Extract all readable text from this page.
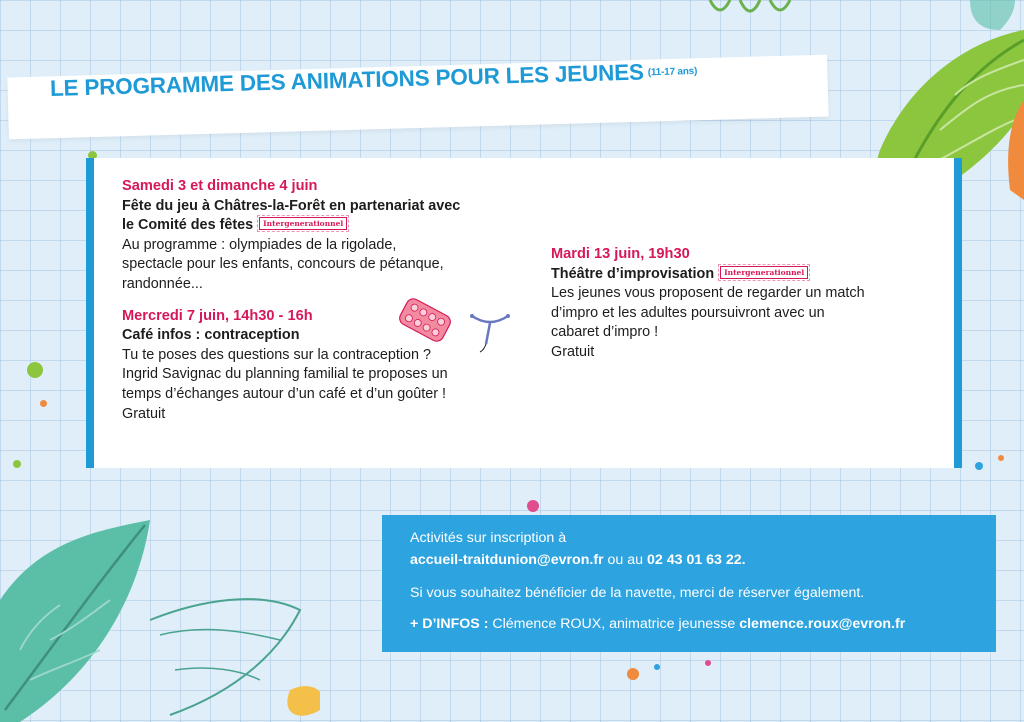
LE PROGRAMME DES ANIMATIONS POUR LES JEUNES (11-17 ans)

Samedi 3 et dimanche 4 juin

Fête du jeu à Châtres-la-Forêt en partenariat avec

le Comité des fêtes Intergenerationnel

Au programme : olympiades de la rigolade,

spectacle pour les enfants, concours de pétanque,

randonnée...

Mercredi 7 juin, 14h30 - 16h

Café infos : contraception

Tu te poses des questions sur la contraception ?

Ingrid Savignac du planning familial te proposes un

temps d’échanges autour d’un café et d’un goûter !

Gratuit

Mardi 13 juin, 19h30

Théâtre d’improvisation Intergenerationnel

Les jeunes vous proposent de regarder un match

d’impro et les adultes poursuivront avec un

cabaret d’impro !

Gratuit

Activités sur inscription à
accueil-traitdunion@evron.fr ou au 02 43 01 63 22.
Si vous souhaitez bénéficier de la navette, merci de réserver également.
+ D’INFOS : Clémence ROUX, animatrice jeunesse clemence.roux@evron.fr
